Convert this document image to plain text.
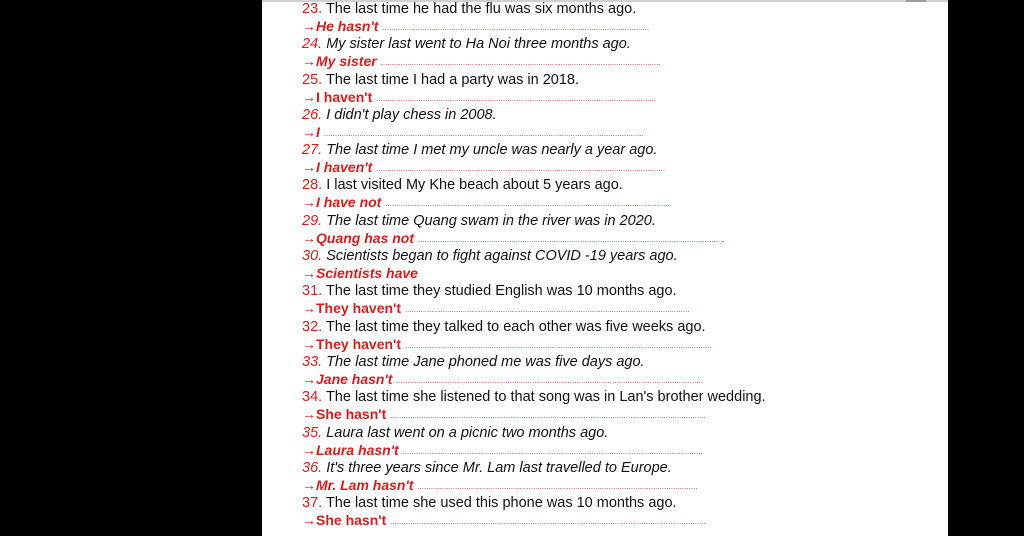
23. The last time he had the flu was six months ago.
→He hasn't ........................................................................................................................
24. My sister last went to Ha Noi three months ago.
→My sister ..............................................................................................................................
25. The last time I had a party was in 2018.
→I haven't ..............................................................................................................................
26. I didn't play chess in 2008.
→I ................................................................................................................................................
27. The last time I met my uncle was nearly a year ago.
→I haven't ..................................................................................................................................
28. I last visited My Khe beach about 5 years ago.
→I have not ................................................................................................................................
29. The last time Quang swam in the river was in 2020.
→Quang has not ..........................................................................................................................................
30. Scientists began to fight against COVID -19 years ago.
→Scientists have
31. The last time they studied English was 10 months ago.
→They haven't ................................................................................................................................
32. The last time they talked to each other was five weeks ago.
→They haven't ..........................................................................................................................................
33. The last time Jane phoned me was five days ago.
→Jane hasn't ..........................................................................................................................................
34. The last time she listened to that song was in Lan's brother wedding.
→She hasn't ..............................................................................................................................................
35. Laura last went on a picnic two months ago.
→Laura hasn't .......................................................................................................................................
36. It's three years since Mr. Lam last travelled to Europe.
→Mr. Lam hasn't ..............................................................................................................................
37. The last time she used this phone was 10 months ago.
→She hasn't ..............................................................................................................................................
